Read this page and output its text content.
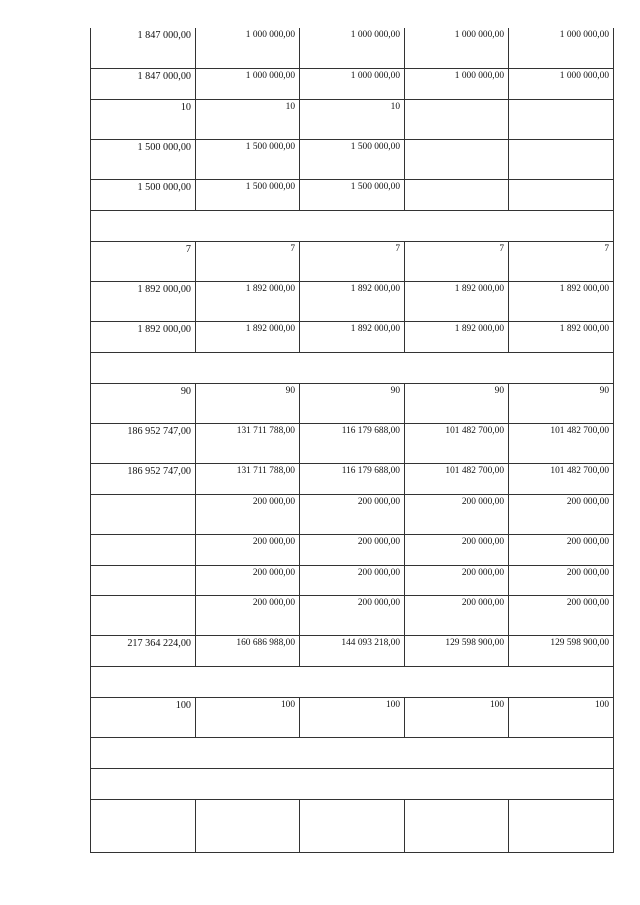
1 847 000,00	1 000 000,00	1 000 000,00	1 000 000,00	1 000 000,00
1 847 000,00	1 000 000,00	1 000 000,00	1 000 000,00	1 000 000,00
10	10	10		
1 500 000,00	1 500 000,00	1 500 000,00		
1 500 000,00	1 500 000,00	1 500 000,00		

7	7	7	7	7
1 892 000,00	1 892 000,00	1 892 000,00	1 892 000,00	1 892 000,00
1 892 000,00	1 892 000,00	1 892 000,00	1 892 000,00	1 892 000,00

90	90	90	90	90
186 952 747,00	131 711 788,00	116 179 688,00	101 482 700,00	101 482 700,00
186 952 747,00	131 711 788,00	116 179 688,00	101 482 700,00	101 482 700,00
	200 000,00	200 000,00	200 000,00	200 000,00
	200 000,00	200 000,00	200 000,00	200 000,00
	200 000,00	200 000,00	200 000,00	200 000,00
	200 000,00	200 000,00	200 000,00	200 000,00
217 364 224,00	160 686 988,00	144 093 218,00	129 598 900,00	129 598 900,00

100	100	100	100	100
